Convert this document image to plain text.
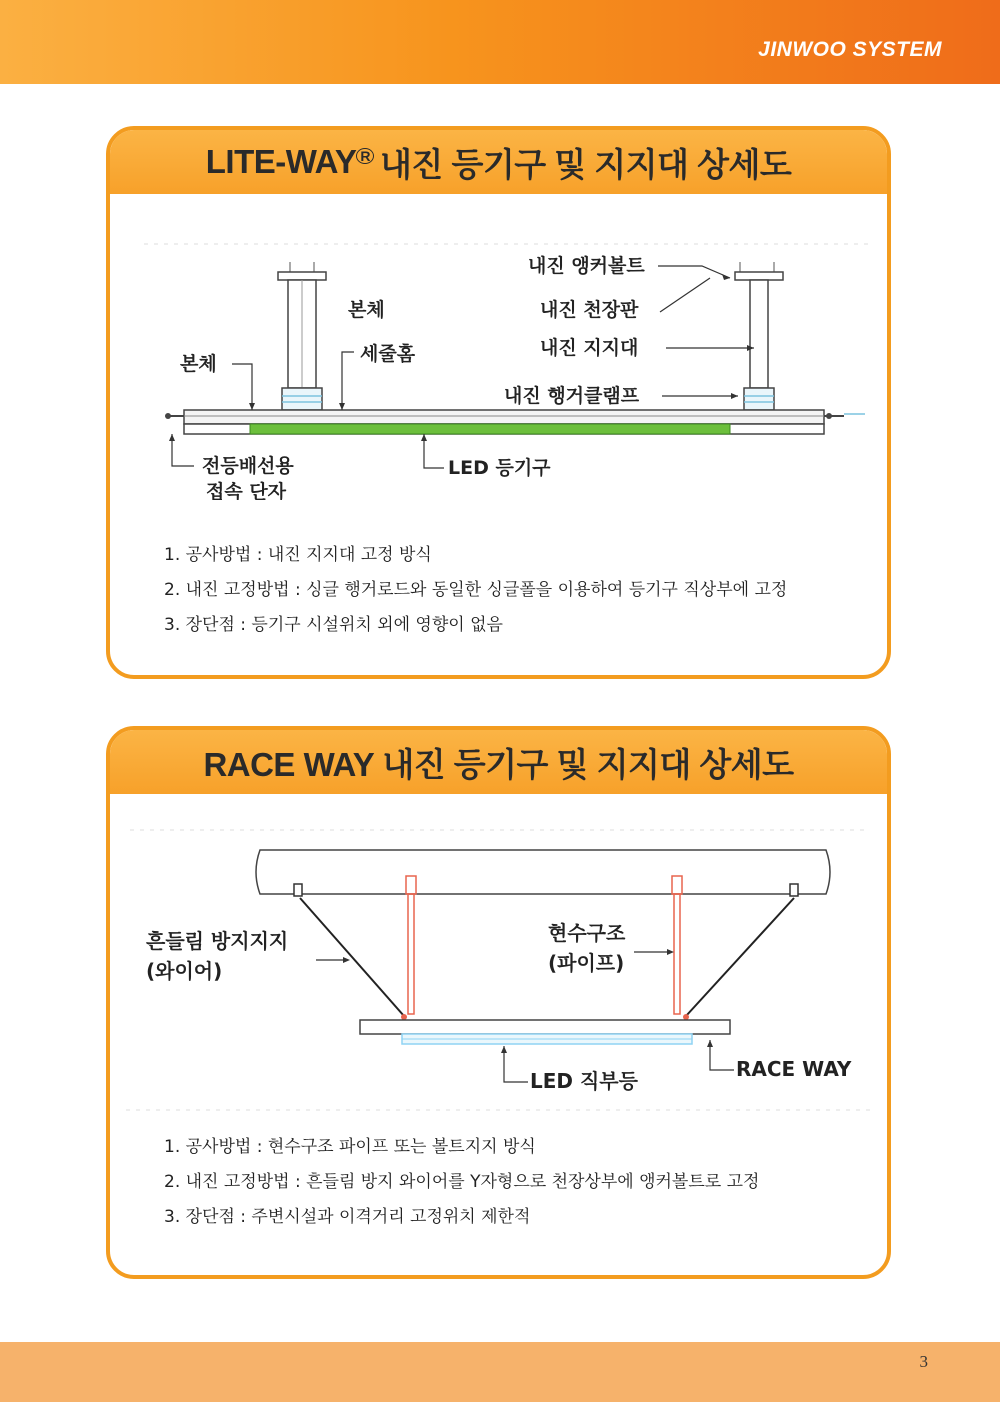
JINWOO SYSTEM
LITE-WAY $^R$ 내진 등기구 및 지지대 상세도
본체
본체
세줄홈
내진 앵커볼트
내진 천장판
내진 지지대
내진 행거클램프
전등배선용
접속 단자
LED 등기구
1. 공사방법 : 내진 지지대 고정 방식
2. 내진 고정방법 : 싱글 행거로드와 동일한 싱글폴을 이용하여 등기구 직상부에 고정
3. 장단점 : 등기구 시설위치 외에 영향이 없음
RACE WAY 내진 등기구 및 지지대 상세도
흔들림 방지지지
(와이어)
현수구조
(파이프)
LED 직부등	RACE WAY
1. 공사방법 : 현수구조 파이프 또는 볼트지지 방식
2. 내진 고정방법 : 흔들림 방지 와이어를 Y자형으로 천장상부에 앵커볼트로 고정
3. 장단점 : 주변시설과 이격거리 고정위치 제한적
3
